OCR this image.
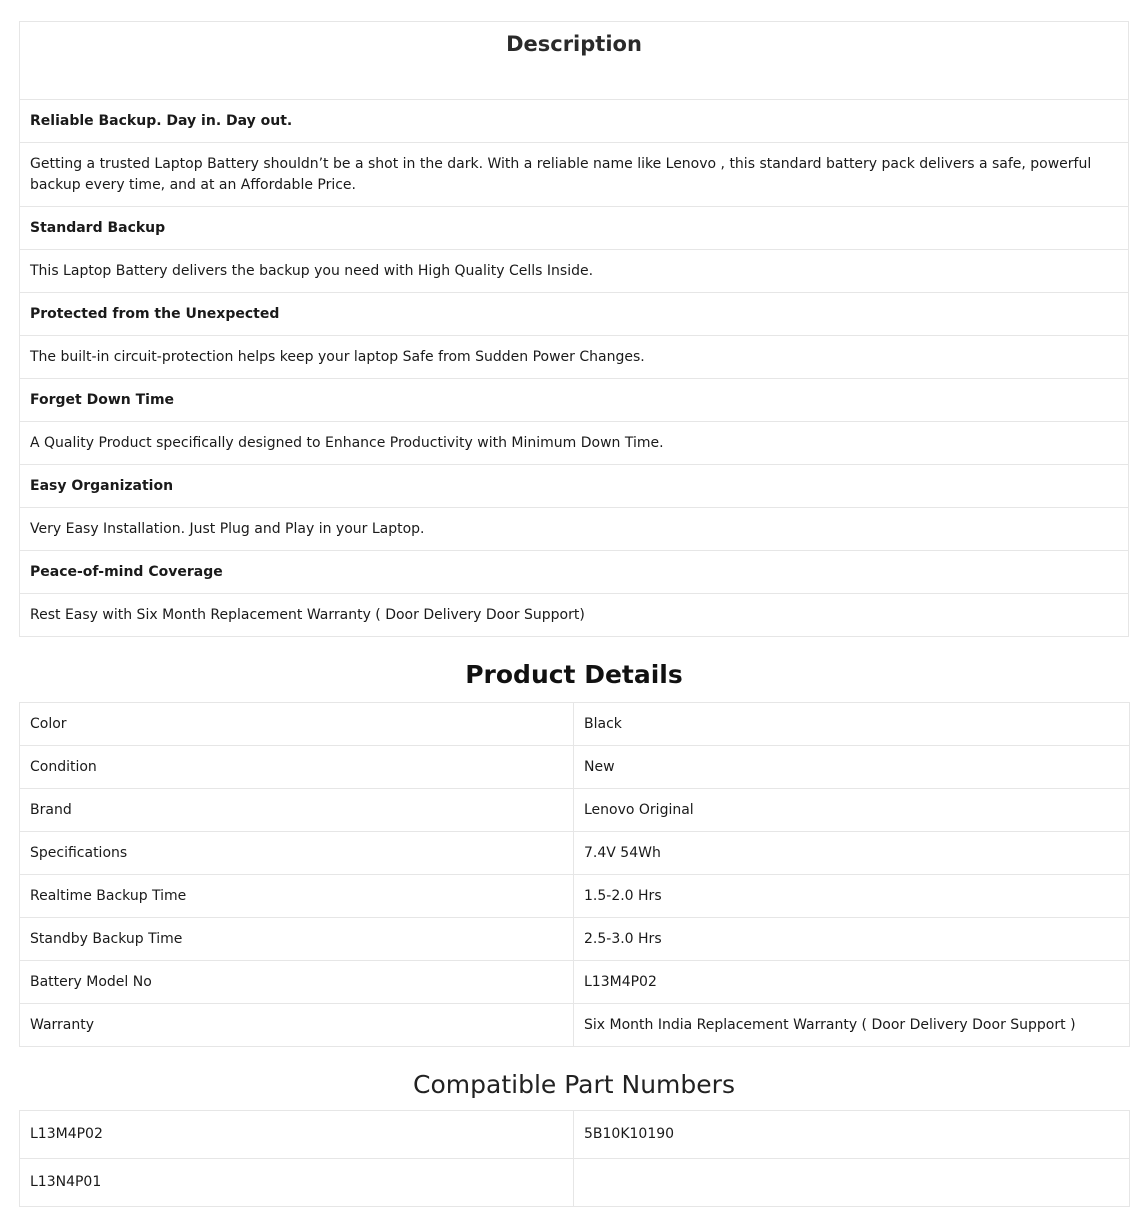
Description
Reliable Backup. Day in. Day out.
Getting a trusted Laptop Battery shouldn’t be a shot in the dark. With a reliable name like Lenovo , this standard battery pack delivers a safe, powerful backup every time, and at an Affordable Price.
Standard Backup
This Laptop Battery delivers the backup you need with High Quality Cells Inside.
Protected from the Unexpected
The built-in circuit-protection helps keep your laptop Safe from Sudden Power Changes.
Forget Down Time
A Quality Product specifically designed to Enhance Productivity with Minimum Down Time.
Easy Organization
Very Easy Installation. Just Plug and Play in your Laptop.
Peace-of-mind Coverage
Rest Easy with Six Month Replacement Warranty ( Door Delivery Door Support)
Product Details
Color	Black
Condition	New
Brand	Lenovo Original
Specifications	7.4V 54Wh
Realtime Backup Time	1.5-2.0 Hrs
Standby Backup Time	2.5-3.0 Hrs
Battery Model No	L13M4P02
Warranty	Six Month India Replacement Warranty ( Door Delivery Door Support )
Compatible Part Numbers
L13M4P02	5B10K10190
L13N4P01	
